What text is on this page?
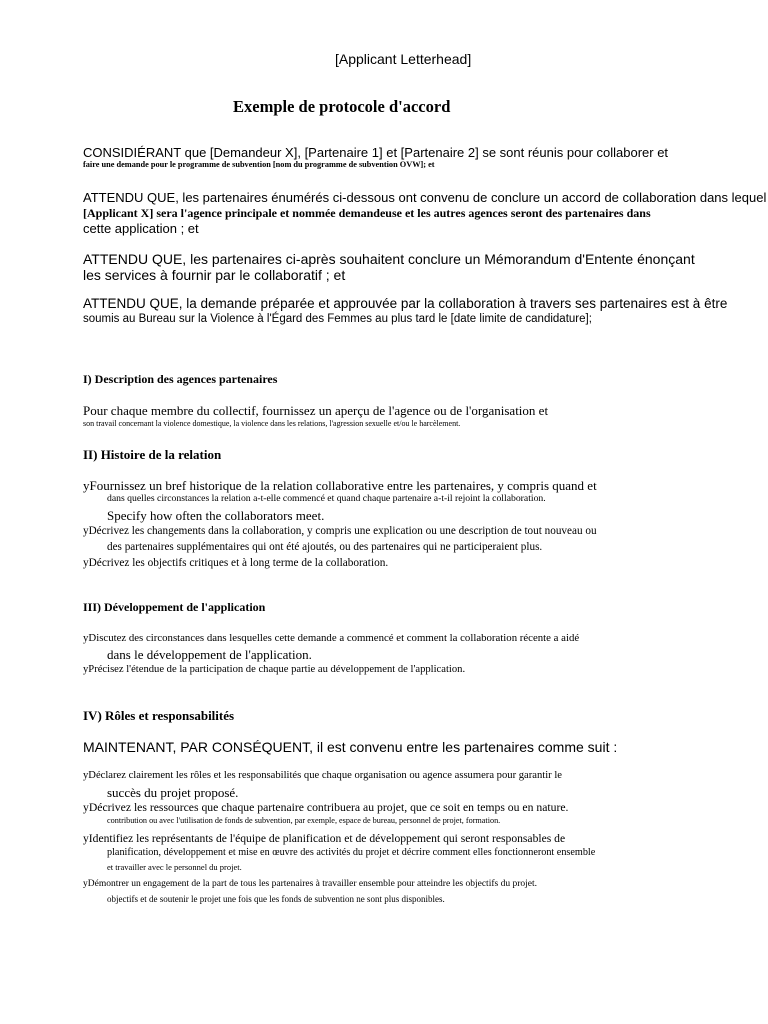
[Applicant Letterhead]

Exemple de protocole d'accord

CONSIDIÉRANT que [Demandeur X], [Partenaire 1] et [Partenaire 2] se sont réunis pour collaborer et

faire une demande pour le programme de subvention [nom du programme de subvention OVW]; et

ATTENDU QUE, les partenaires énumérés ci-dessous ont convenu de conclure un accord de collaboration dans lequel

[Applicant X] sera l'agence principale et nommée demandeuse et les autres agences seront des partenaires dans

cette application ; et

ATTENDU QUE, les partenaires ci-après souhaitent conclure un Mémorandum d'Entente énonçant

les services à fournir par le collaboratif ; et

ATTENDU QUE, la demande préparée et approuvée par la collaboration à travers ses partenaires est à être

soumis au Bureau sur la Violence à l'Égard des Femmes au plus tard le [date limite de candidature];

I) Description des agences partenaires

Pour chaque membre du collectif, fournissez un aperçu de l'agence ou de l'organisation et

son travail concernant la violence domestique, la violence dans les relations, l'agression sexuelle et/ou le harcèlement.

II) Histoire de la relation

yFournissez un bref historique de la relation collaborative entre les partenaires, y compris quand et

dans quelles circonstances la relation a-t-elle commencé et quand chaque partenaire a-t-il rejoint la collaboration.

Specify how often the collaborators meet.

yDécrivez les changements dans la collaboration, y compris une explication ou une description de tout nouveau ou

des partenaires supplémentaires qui ont été ajoutés, ou des partenaires qui ne participeraient plus.

yDécrivez les objectifs critiques et à long terme de la collaboration.

III) Développement de l'application

yDiscutez des circonstances dans lesquelles cette demande a commencé et comment la collaboration récente a aidé

dans le développement de l'application.

yPrécisez l'étendue de la participation de chaque partie au développement de l'application.

IV) Rôles et responsabilités

MAINTENANT, PAR CONSÉQUENT, il est convenu entre les partenaires comme suit :

yDéclarez clairement les rôles et les responsabilités que chaque organisation ou agence assumera pour garantir le

succès du projet proposé.

yDécrivez les ressources que chaque partenaire contribuera au projet, que ce soit en temps ou en nature.

contribution ou avec l'utilisation de fonds de subvention, par exemple, espace de bureau, personnel de projet, formation.

yIdentifiez les représentants de l'équipe de planification et de développement qui seront responsables de

planification, développement et mise en œuvre des activités du projet et décrire comment elles fonctionneront ensemble

et travailler avec le personnel du projet.

yDémontrer un engagement de la part de tous les partenaires à travailler ensemble pour atteindre les objectifs du projet.

objectifs et de soutenir le projet une fois que les fonds de subvention ne sont plus disponibles.
